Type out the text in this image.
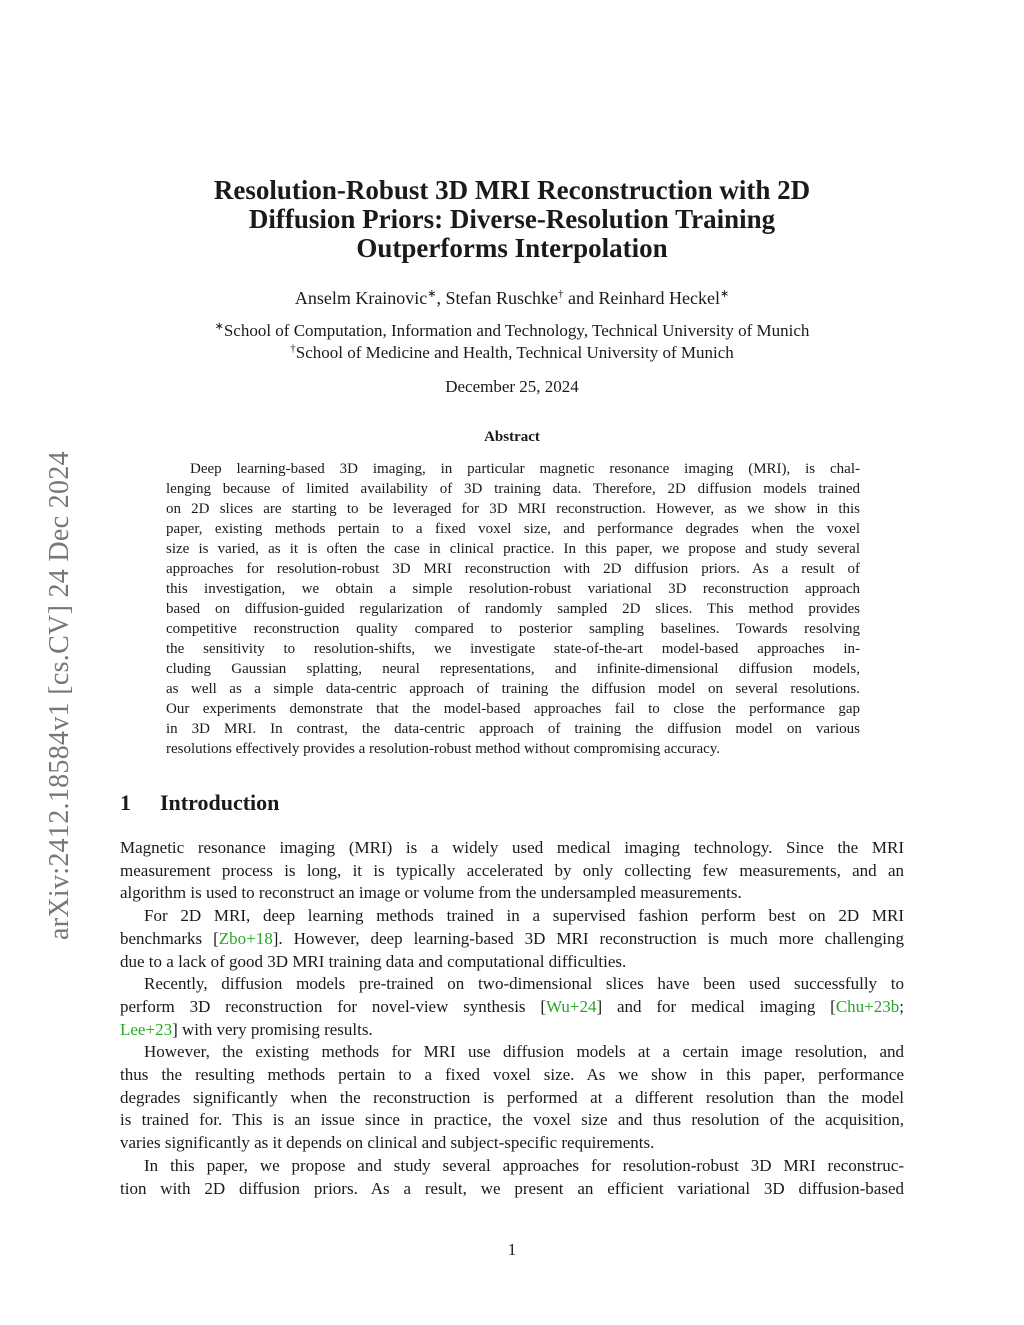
arXiv:2412.18584v1 [cs.CV] 24 Dec 2024
Resolution-Robust 3D MRI Reconstruction with 2D
Diffusion Priors: Diverse-Resolution Training
Outperforms Interpolation
Anselm Krainovic∗, Stefan Ruschke† and Reinhard Heckel∗
∗School of Computation, Information and Technology, Technical University of Munich
†School of Medicine and Health, Technical University of Munich
December 25, 2024
Abstract
Deep learning-based 3D imaging, in particular magnetic resonance imaging (MRI), is chal-
lenging because of limited availability of 3D training data. Therefore, 2D diffusion models trained
on 2D slices are starting to be leveraged for 3D MRI reconstruction. However, as we show in this
paper, existing methods pertain to a fixed voxel size, and performance degrades when the voxel
size is varied, as it is often the case in clinical practice. In this paper, we propose and study several
approaches for resolution-robust 3D MRI reconstruction with 2D diffusion priors. As a result of
this investigation, we obtain a simple resolution-robust variational 3D reconstruction approach
based on diffusion-guided regularization of randomly sampled 2D slices. This method provides
competitive reconstruction quality compared to posterior sampling baselines. Towards resolving
the sensitivity to resolution-shifts, we investigate state-of-the-art model-based approaches in-
cluding Gaussian splatting, neural representations, and infinite-dimensional diffusion models,
as well as a simple data-centric approach of training the diffusion model on several resolutions.
Our experiments demonstrate that the model-based approaches fail to close the performance gap
in 3D MRI. In contrast, the data-centric approach of training the diffusion model on various
resolutions effectively provides a resolution-robust method without compromising accuracy.
1 Introduction
Magnetic resonance imaging (MRI) is a widely used medical imaging technology. Since the MRI
measurement process is long, it is typically accelerated by only collecting few measurements, and an
algorithm is used to reconstruct an image or volume from the undersampled measurements.
For 2D MRI, deep learning methods trained in a supervised fashion perform best on 2D MRI
benchmarks [Zbo+18]. However, deep learning-based 3D MRI reconstruction is much more challenging
due to a lack of good 3D MRI training data and computational difficulties.
Recently, diffusion models pre-trained on two-dimensional slices have been used successfully to
perform 3D reconstruction for novel-view synthesis [Wu+24] and for medical imaging [Chu+23b;
Lee+23] with very promising results.
However, the existing methods for MRI use diffusion models at a certain image resolution, and
thus the resulting methods pertain to a fixed voxel size. As we show in this paper, performance
degrades significantly when the reconstruction is performed at a different resolution than the model
is trained for. This is an issue since in practice, the voxel size and thus resolution of the acquisition,
varies significantly as it depends on clinical and subject-specific requirements.
In this paper, we propose and study several approaches for resolution-robust 3D MRI reconstruc-
tion with 2D diffusion priors. As a result, we present an efficient variational 3D diffusion-based
1
